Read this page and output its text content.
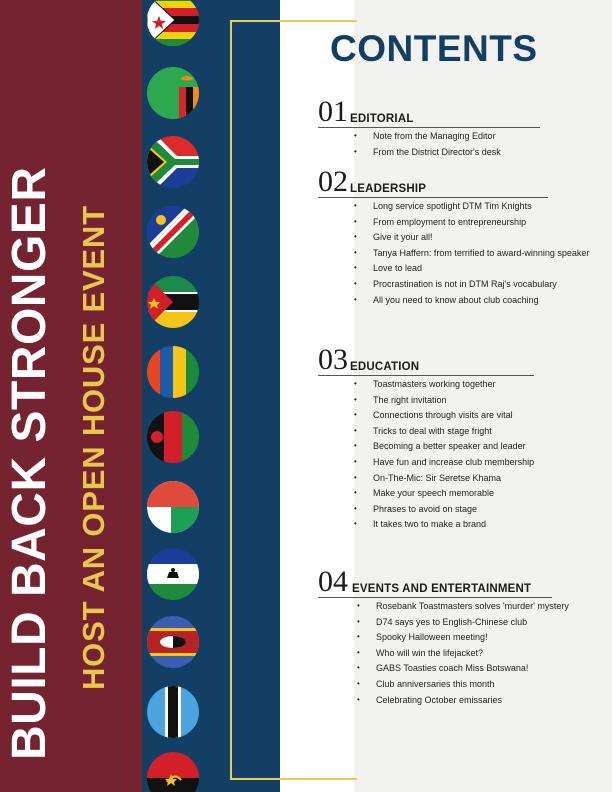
BUILD BACK STRONGER HOST AN OPEN HOUSE EVENT
CONTENTS
01 EDITORIAL
• Note from the Managing Editor
• From the District Director's desk
02 LEADERSHIP
• Long service spotlight DTM Tim Knights
• From employment to entrepreneurship
• Give it your all!
• Tanya Haffern: from terrified to award-winning speaker
• Love to lead
• Procrastination is not in DTM Raj's vocabulary
• All you need to know about club coaching
03 EDUCATION
• Toastmasters working together
• The right invitation
• Connections through visits are vital
• Tricks to deal with stage fright
• Becoming a better speaker and leader
• Have fun and increase club membership
• On-The-Mic: Sir Seretse Khama
• Make your speech memorable
• Phrases to avoid on stage
• It takes two to make a brand
04 EVENTS AND ENTERTAINMENT
• Rosebank Toastmasters solves 'murder' mystery
• D74 says yes to English-Chinese club
• Spooky Halloween meeting!
• Who will win the lifejacket?
• GABS Toasties coach Miss Botswana!
• Club anniversaries this month
• Celebrating October emissaries
